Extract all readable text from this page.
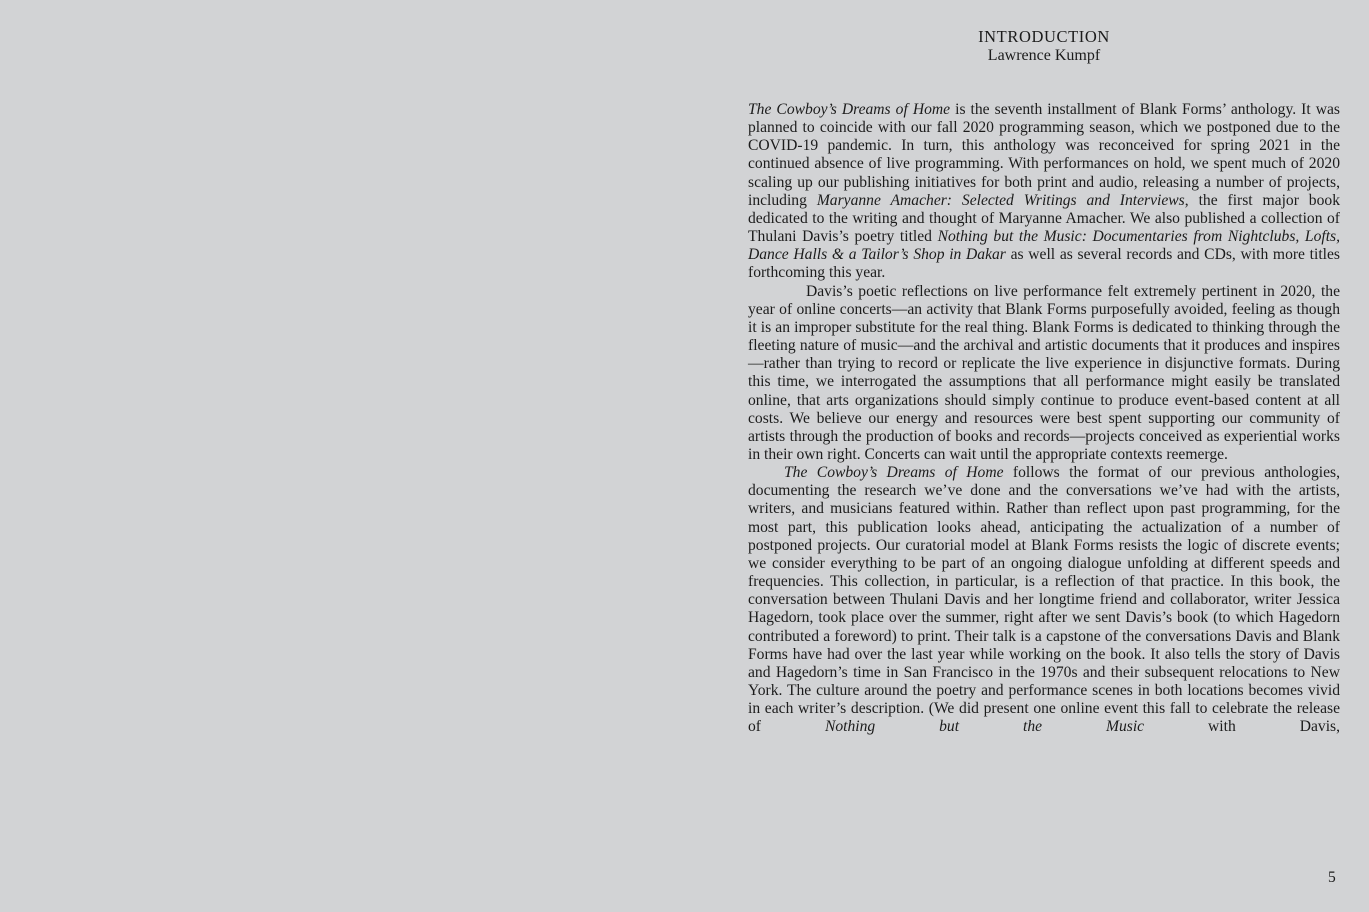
INTRODUCTION
Lawrence Kumpf

The Cowboy’s Dreams of Home is the seventh installment of Blank Forms’ anthology. It was planned to coincide with our fall 2020 programming season, which we postponed due to the COVID-19 pandemic. In turn, this anthology was reconceived for spring 2021 in the continued absence of live programming. With performances on hold, we spent much of 2020 scaling up our publishing initiatives for both print and audio, releasing a number of projects, including Maryanne Amacher: Selected Writings and Interviews, the first major book dedicated to the writing and thought of Maryanne Amacher. We also published a collection of Thulani Davis’s poetry titled Nothing but the Music: Documentaries from Nightclubs, Lofts, Dance Halls & a Tailor’s Shop in Dakar as well as several records and CDs, with more titles forthcoming this year.

Davis’s poetic reflections on live performance felt extremely pertinent in 2020, the year of online concerts—an activity that Blank Forms purposefully avoided, feeling as though it is an improper substitute for the real thing. Blank Forms is dedicated to thinking through the fleeting nature of music—and the archival and artistic documents that it produces and inspires—rather than trying to record or replicate the live experience in disjunctive formats. During this time, we interrogated the assumptions that all performance might easily be translated online, that arts organizations should simply continue to produce event-based content at all costs. We believe our energy and resources were best spent supporting our community of artists through the production of books and records—projects conceived as experiential works in their own right. Concerts can wait until the appropriate contexts reemerge.

The Cowboy’s Dreams of Home follows the format of our previous anthologies, documenting the research we’ve done and the conversations we’ve had with the artists, writers, and musicians featured within. Rather than reflect upon past programming, for the most part, this publication looks ahead, anticipating the actualization of a number of postponed projects. Our curatorial model at Blank Forms resists the logic of discrete events; we consider everything to be part of an ongoing dialogue unfolding at different speeds and frequencies. This collection, in particular, is a reflection of that practice. In this book, the conversation between Thulani Davis and her longtime friend and collaborator, writer Jessica Hagedorn, took place over the summer, right after we sent Davis’s book (to which Hagedorn contributed a foreword) to print. Their talk is a capstone of the conversations Davis and Blank Forms have had over the last year while working on the book. It also tells the story of Davis and Hagedorn’s time in San Francisco in the 1970s and their subsequent relocations to New York. The culture around the poetry and performance scenes in both locations becomes vivid in each writer’s description. (We did present one online event this fall to celebrate the release of Nothing but the Music with Davis,

5
